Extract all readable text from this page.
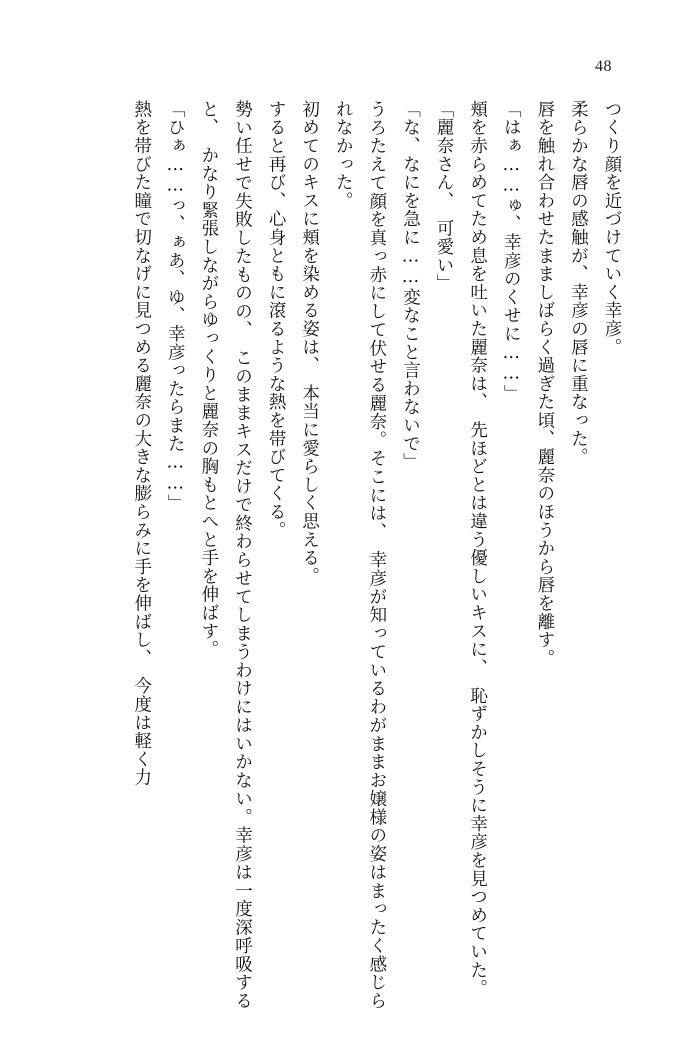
48

つくり顔を近づけていく幸彦。

柔らかな唇の感触が、幸彦の唇に重なった。

唇を触れ合わせたまましばらく過ぎた頃、麗奈のほうから唇を離す。

「はぁ……ゅ、幸彦のくせに……」

頬を赤らめてため息を吐いた麗奈は、　先ほどとは違う優しいキスに、　恥ずかしそうに幸彦を見つめていた。

「麗奈さん、　可愛い」

「な、なにを急に……変なこと言わないで」

うろたえて顔を真っ赤にして伏せる麗奈。そこには、　幸彦が知っているわがままお嬢様の姿はまったく感じられなかった。

初めてのキスに頬を染める姿は、　本当に愛らしく思える。

すると再び、心身ともに滾るような熱を帯びてくる。

勢い任せで失敗したものの、　このままキスだけで終わらせてしまうわけにはいかない。幸彦は一度深呼吸すると、　かなり緊張しながらゆっくりと麗奈の胸もとへと手を伸ばす。

「ひぁ……っ、ぁあ、ゆ、幸彦ったらまた……」

熱を帯びた瞳で切なげに見つめる麗奈の大きな膨らみに手を伸ばし、　今度は軽く力
